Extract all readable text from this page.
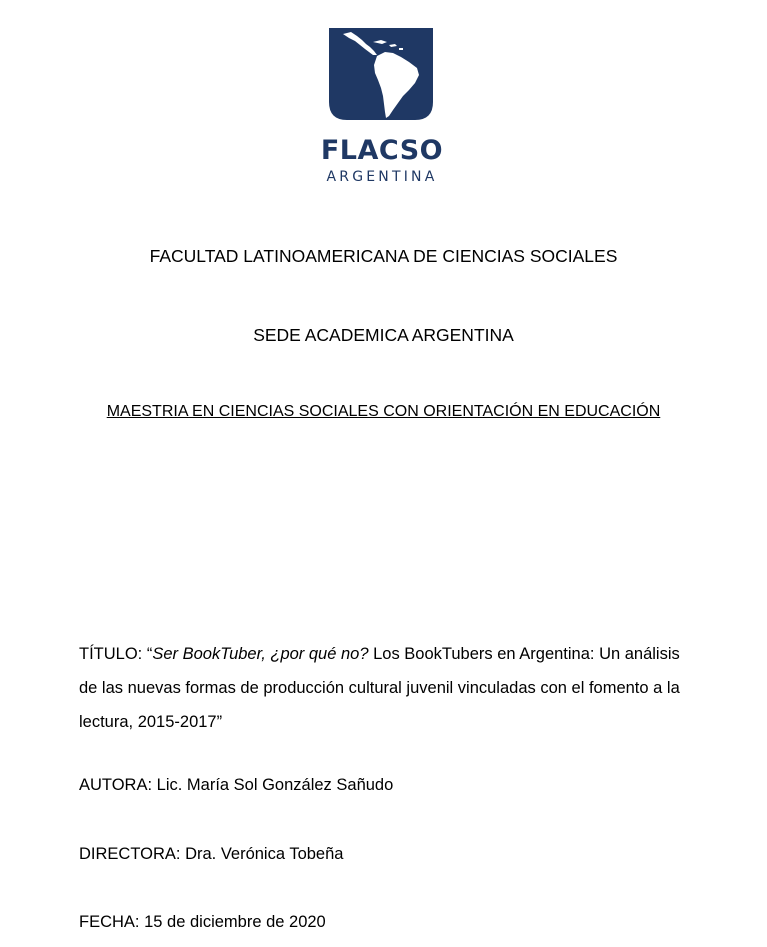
FLACSO
ARGENTINA
FACULTAD LATINOAMERICANA DE CIENCIAS SOCIALES
SEDE ACADEMICA ARGENTINA
MAESTRIA EN CIENCIAS SOCIALES CON ORIENTACIÓN EN EDUCACIÓN

TÍTULO: “Ser BookTuber, ¿por qué no? Los BookTubers en Argentina: Un análisis de las nuevas formas de producción cultural juvenil vinculadas con el fomento a la lectura, 2015-2017”

AUTORA: Lic. María Sol González Sañudo
DIRECTORA: Dra. Verónica Tobeña
FECHA: 15 de diciembre de 2020
